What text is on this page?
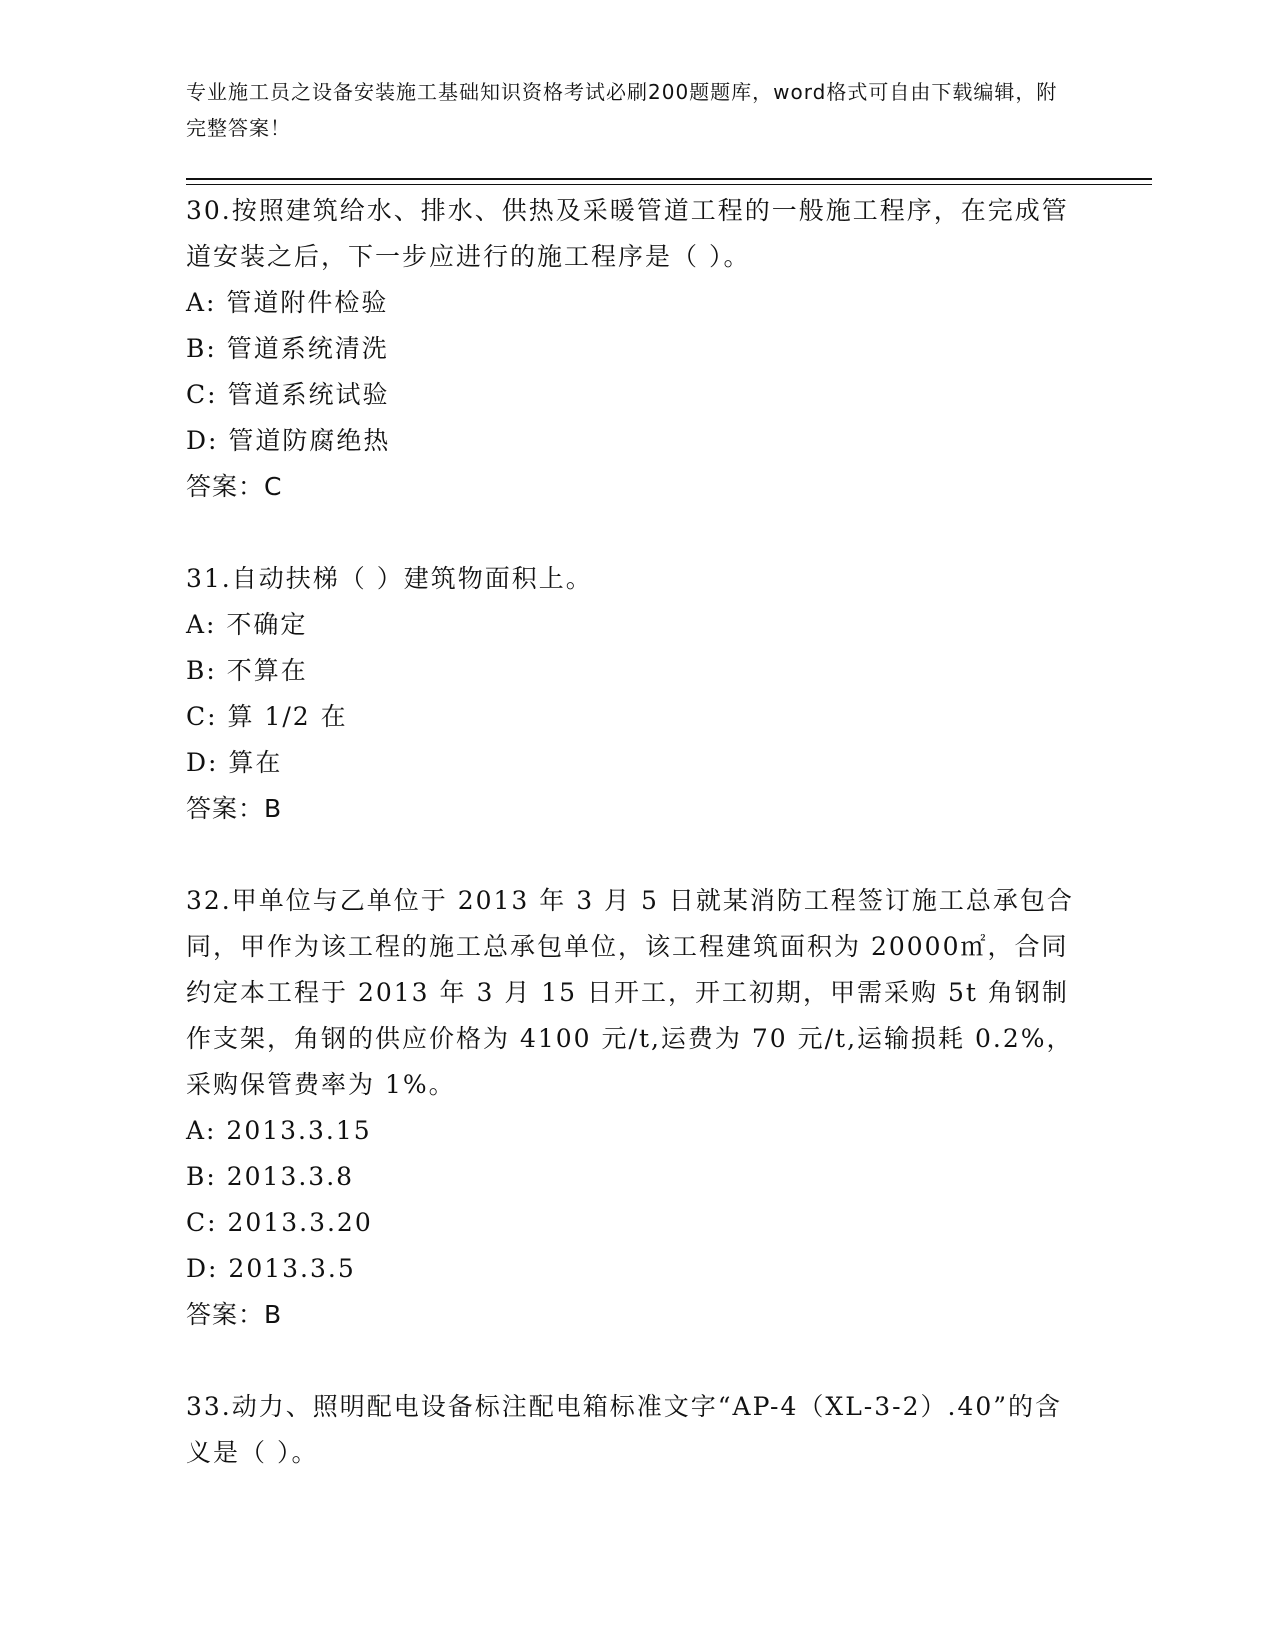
专业施工员之设备安装施工基础知识资格考试必刷200题题库，word格式可自由下载编辑，附完整答案！

30.按照建筑给水、排水、供热及采暖管道工程的一般施工程序，在完成管道安装之后，下一步应进行的施工程序是（ ）。

A: 管道附件检验

B: 管道系统清洗

C: 管道系统试验

D: 管道防腐绝热

答案：C

31.自动扶梯（ ）建筑物面积上。

A: 不确定

B: 不算在

C: 算 1/2 在

D: 算在

答案：B

32.甲单位与乙单位于 2013 年 3 月 5 日就某消防工程签订施工总承包合同，甲作为该工程的施工总承包单位，该工程建筑面积为 20000㎡，合同约定本工程于 2013 年 3 月 15 日开工，开工初期，甲需采购 5t 角钢制作支架，角钢的供应价格为 4100 元/t,运费为 70 元/t,运输损耗 0.2%，采购保管费率为 1%。

A: 2013.3.15

B: 2013.3.8

C: 2013.3.20

D: 2013.3.5

答案：B

33.动力、照明配电设备标注配电箱标准文字“AP-4（XL-3-2）.40”的含义是（ ）。
